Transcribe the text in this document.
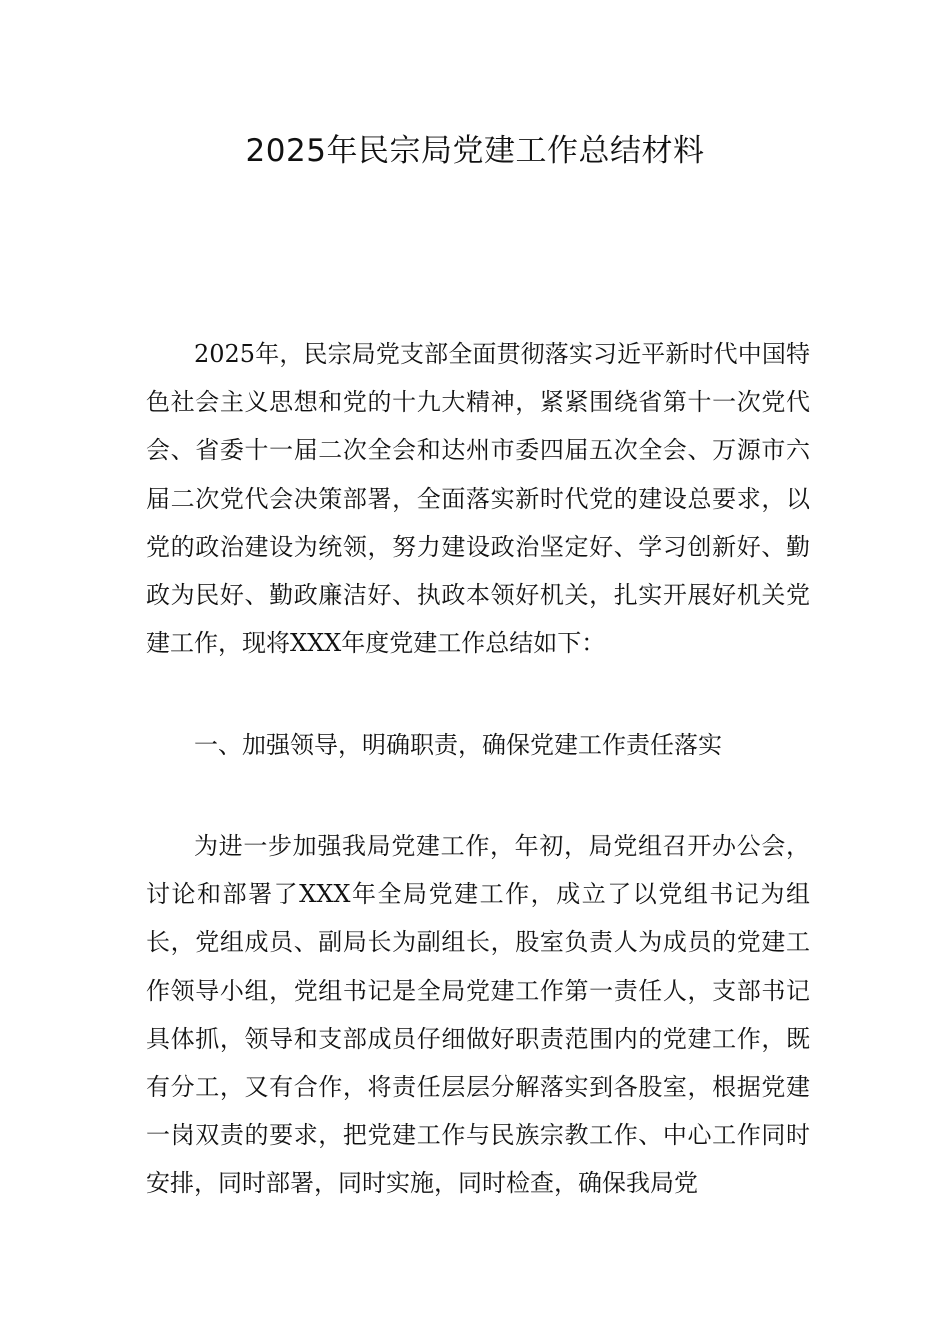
2025年民宗局党建工作总结材料

2025年，民宗局党支部全面贯彻落实习近平新时代中国特色社会主义思想和党的十九大精神，紧紧围绕省第十一次党代会、省委十一届二次全会和达州市委四届五次全会、万源市六届二次党代会决策部署，全面落实新时代党的建设总要求，以党的政治建设为统领，努力建设政治坚定好、学习创新好、勤政为民好、勤政廉洁好、执政本领好机关，扎实开展好机关党建工作，现将XXX年度党建工作总结如下：

一、加强领导，明确职责，确保党建工作责任落实

为进一步加强我局党建工作，年初，局党组召开办公会，讨论和部署了XXX年全局党建工作，成立了以党组书记为组长，党组成员、副局长为副组长，股室负责人为成员的党建工作领导小组，党组书记是全局党建工作第一责任人，支部书记具体抓，领导和支部成员仔细做好职责范围内的党建工作，既有分工，又有合作，将责任层层分解落实到各股室，根据党建一岗双责的要求，把党建工作与民族宗教工作、中心工作同时安排，同时部署，同时实施，同时检查，确保我局党
